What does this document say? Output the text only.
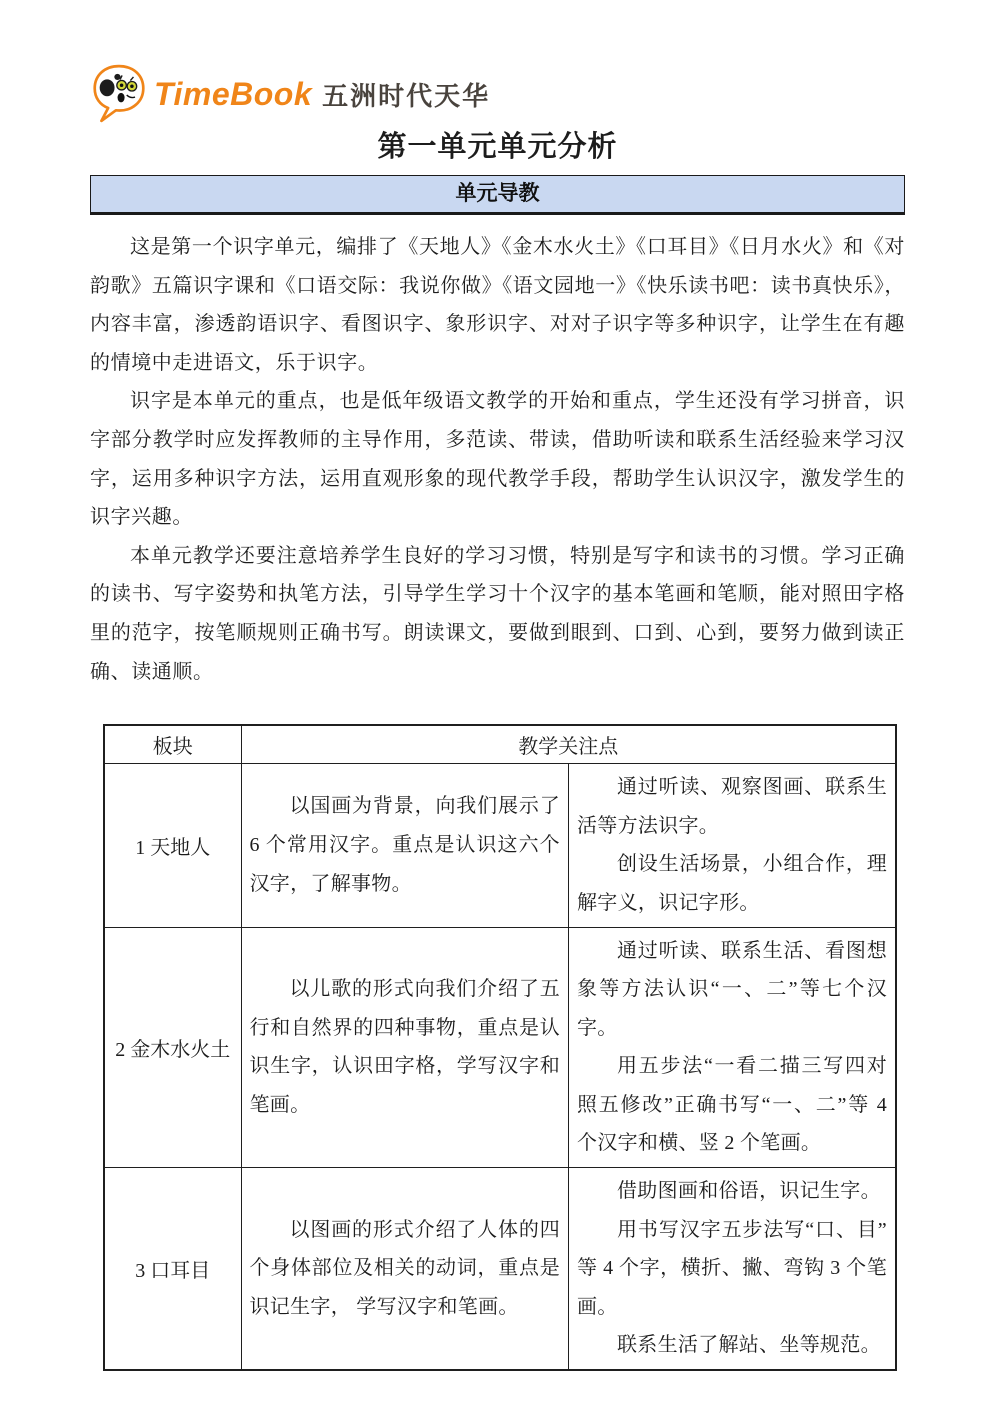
TimeBook 五洲时代天华
第一单元单元分析
单元导教

这是第一个识字单元，编排了《天地人》《金木水火土》《口耳目》《日月水火》和《对韵歌》五篇识字课和《口语交际：我说你做》《语文园地一》《快乐读书吧：读书真快乐》，内容丰富，渗透韵语识字、看图识字、象形识字、对对子识字等多种识字，让学生在有趣的情境中走进语文，乐于识字。

识字是本单元的重点，也是低年级语文教学的开始和重点，学生还没有学习拼音，识字部分教学时应发挥教师的主导作用，多范读、带读，借助听读和联系生活经验来学习汉字，运用多种识字方法，运用直观形象的现代教学手段，帮助学生认识汉字，激发学生的识字兴趣。

本单元教学还要注意培养学生良好的学习习惯，特别是写字和读书的习惯。学习正确的读书、写字姿势和执笔方法，引导学生学习十个汉字的基本笔画和笔顺，能对照田字格里的范字，按笔顺规则正确书写。朗读课文，要做到眼到、口到、心到，要努力做到读正确、读通顺。

板块	教学关注点	
1 天地人	以国画为背景，向我们展示了 6 个常用汉字。重点是认识这六个汉字，了解事物。	通过听读、观察图画、联系生活等方法识字。

创设生活场景，小组合作，理解字义，识记字形。

2 金木水火土	以儿歌的形式向我们介绍了五行和自然界的四种事物，重点是认识生字，认识田字格，学写汉字和笔画。	通过听读、联系生活、看图想象等方法认识“一、二”等七个汉字。

用五步法“一看二描三写四对照五修改”正确书写“一、二”等 4 个汉字和横、竖 2 个笔画。

3 口耳目	以图画的形式介绍了人体的四个身体部位及相关的动词，重点是识记生字， 学写汉字和笔画。	借助图画和俗语，识记生字。

用书写汉字五步法写“口、目”等 4 个字，横折、撇、弯钩 3 个笔画。

联系生活了解站、坐等规范。
